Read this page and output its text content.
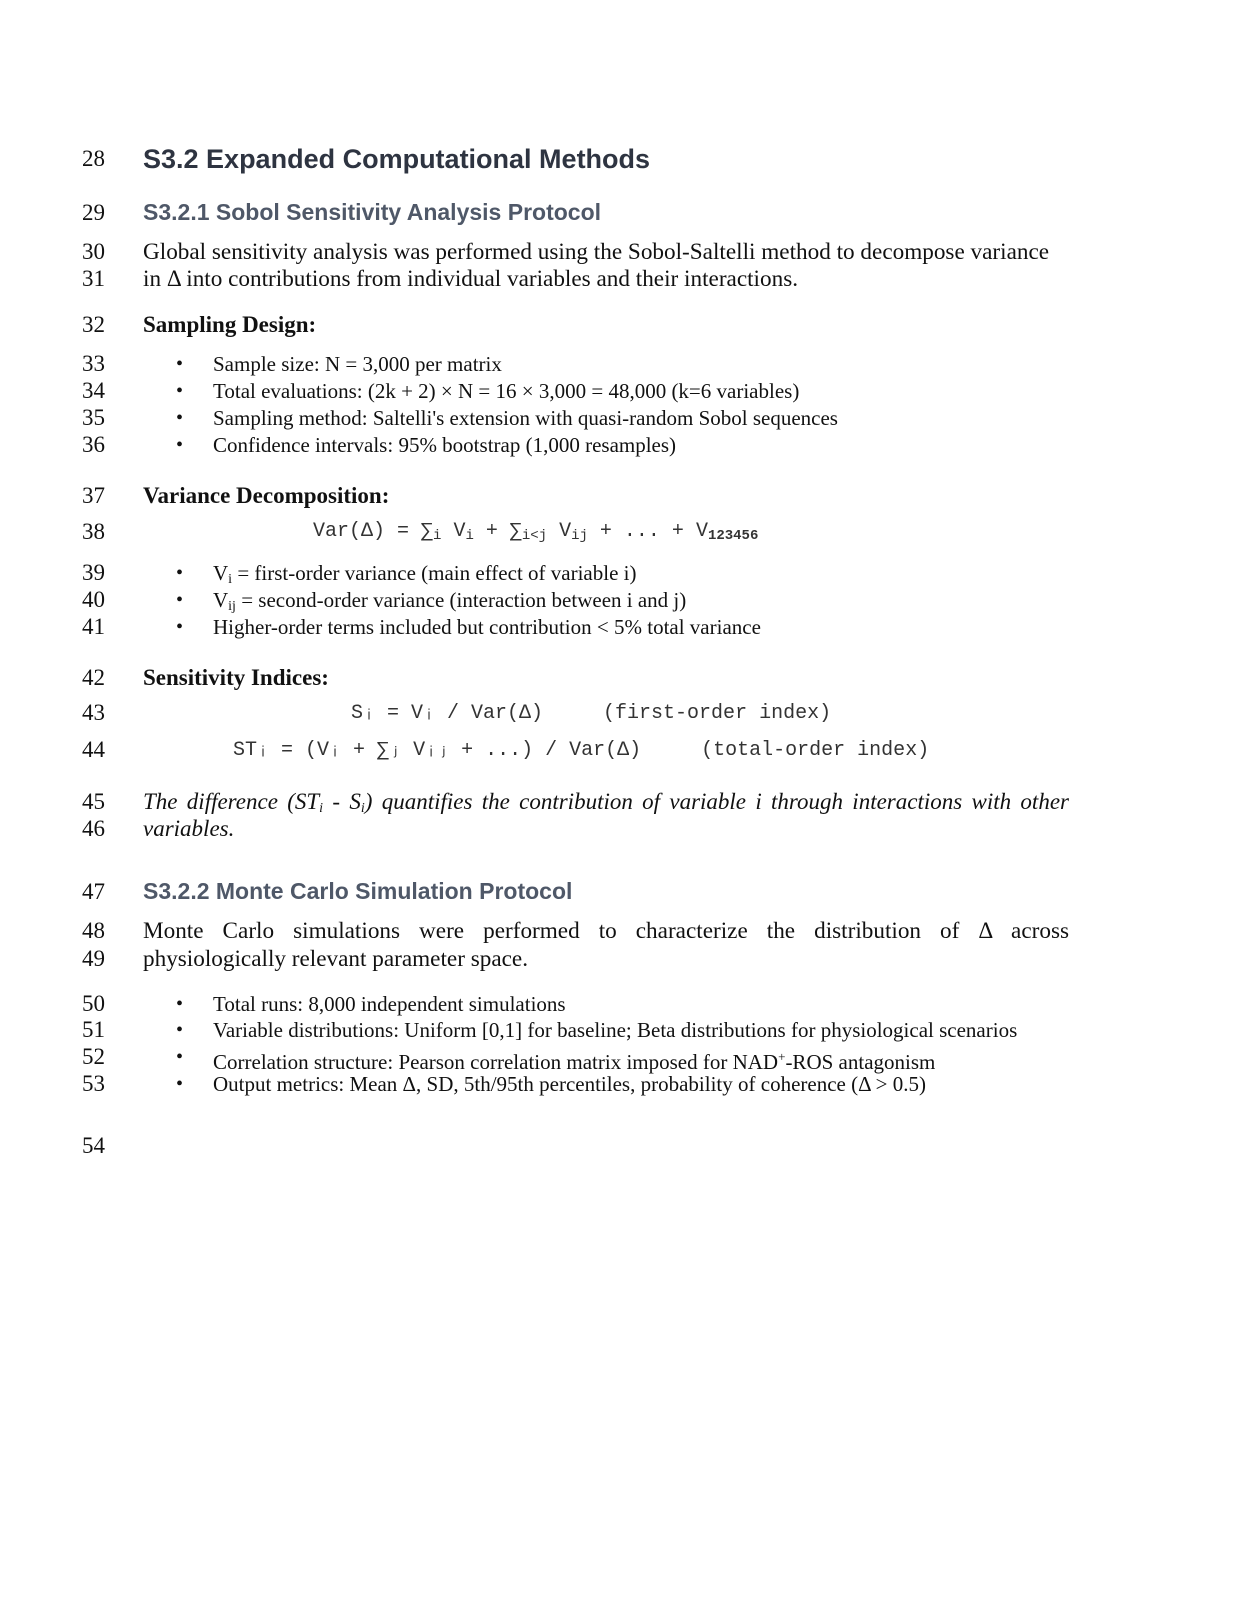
28
29
30
31
32
33
34
35
36
37
38
39
40
41
42
43
44
45
46
47
48
49
50
51
52
53
54
S3.2 Expanded Computational Methods
S3.2.1 Sobol Sensitivity Analysis Protocol
Global sensitivity analysis was performed using the Sobol-Saltelli method to decompose variance
in Δ into contributions from individual variables and their interactions.
Sampling Design:
• Sample size: N = 3,000 per matrix
• Total evaluations: (2k + 2) × N = 16 × 3,000 = 48,000 (k=6 variables)
• Sampling method: Saltelli's extension with quasi-random Sobol sequences
• Confidence intervals: 95% bootstrap (1,000 resamples)
Variance Decomposition:
Var(Δ) = ∑i Vi + ∑i<j Vij + ... + V123456
• Vi = first-order variance (main effect of variable i)
• Vij = second-order variance (interaction between i and j)
• Higher-order terms included but contribution < 5% total variance
Sensitivity Indices:
Sᵢ = Vᵢ / Var(Δ)     (first-order index)
STᵢ = (Vᵢ + ∑ⱼ Vᵢⱼ + ...) / Var(Δ)     (total-order index)
The difference (STi - Si) quantifies the contribution of variable i through interactions with other
variables.
S3.2.2 Monte Carlo Simulation Protocol
Monte Carlo simulations were performed to characterize the distribution of Δ across
physiologically relevant parameter space.
• Total runs: 8,000 independent simulations
• Variable distributions: Uniform [0,1] for baseline; Beta distributions for physiological scenarios
• Correlation structure: Pearson correlation matrix imposed for NAD+-ROS antagonism
• Output metrics: Mean Δ, SD, 5th/95th percentiles, probability of coherence (Δ > 0.5)
